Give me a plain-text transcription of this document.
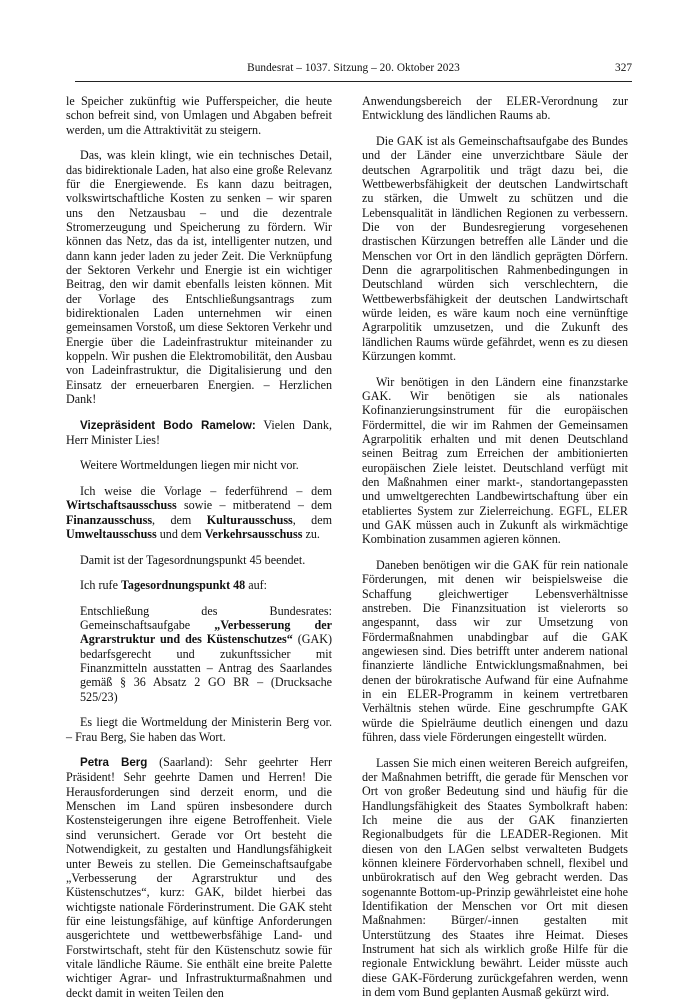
Bundesrat – 1037. Sitzung – 20. Oktober 2023	327

le Speicher zukünftig wie Pufferspeicher, die heute schon befreit sind, von Umlagen und Abgaben befreit werden, um die Attraktivität zu steigern.

Das, was klein klingt, wie ein technisches Detail, das bidirektionale Laden, hat also eine große Relevanz für die Energiewende. Es kann dazu beitragen, volkswirtschaftliche Kosten zu senken – wir sparen uns den Netzausbau – und die dezentrale Stromerzeugung und Speicherung zu fördern. Wir können das Netz, das da ist, intelligenter nutzen, und dann kann jeder laden zu jeder Zeit. Die Verknüpfung der Sektoren Verkehr und Energie ist ein wichtiger Beitrag, den wir damit ebenfalls leisten können. Mit der Vorlage des Entschließungsantrags zum bidirektionalen Laden unternehmen wir einen gemeinsamen Vorstoß, um diese Sektoren Verkehr und Energie über die Ladeinfrastruktur miteinander zu koppeln. Wir pushen die Elektromobilität, den Ausbau von Ladeinfrastruktur, die Digitalisierung und den Einsatz der erneuerbaren Energien. – Herzlichen Dank!

Vizepräsident Bodo Ramelow: Vielen Dank, Herr Minister Lies!

Weitere Wortmeldungen liegen mir nicht vor.

Ich weise die Vorlage – federführend – dem Wirtschaftsausschuss sowie – mitberatend – dem Finanzausschuss, dem Kulturausschuss, dem Umweltausschuss und dem Verkehrsausschuss zu.

Damit ist der Tagesordnungspunkt 45 beendet.

Ich rufe Tagesordnungspunkt 48 auf:

Entschließung des Bundesrates: Gemeinschaftsaufgabe „Verbesserung der Agrarstruktur und des Küstenschutzes“ (GAK) bedarfsgerecht und zukunftssicher mit Finanzmitteln ausstatten – Antrag des Saarlandes gemäß § 36 Absatz 2 GO BR – (Drucksache 525/23)

Es liegt die Wortmeldung der Ministerin Berg vor. – Frau Berg, Sie haben das Wort.

Petra Berg (Saarland): Sehr geehrter Herr Präsident! Sehr geehrte Damen und Herren! Die Herausforderungen sind derzeit enorm, und die Menschen im Land spüren insbesondere durch Kostensteigerungen ihre eigene Betroffenheit. Viele sind verunsichert. Gerade vor Ort besteht die Notwendigkeit, zu gestalten und Handlungsfähigkeit unter Beweis zu stellen. Die Gemeinschaftsaufgabe „Verbesserung der Agrarstruktur und des Küstenschutzes“, kurz: GAK, bildet hierbei das wichtigste nationale Förderinstrument. Die GAK steht für eine leistungsfähige, auf künftige Anforderungen ausgerichtete und wettbewerbsfähige Land- und Forstwirtschaft, steht für den Küstenschutz sowie für vitale ländliche Räume. Sie enthält eine breite Palette wichtiger Agrar- und Infrastrukturmaßnahmen und deckt damit in weiten Teilen den

Anwendungsbereich der ELER-Verordnung zur Entwicklung des ländlichen Raums ab.

Die GAK ist als Gemeinschaftsaufgabe des Bundes und der Länder eine unverzichtbare Säule der deutschen Agrarpolitik und trägt dazu bei, die Wettbewerbsfähigkeit der deutschen Landwirtschaft zu stärken, die Umwelt zu schützen und die Lebensqualität in ländlichen Regionen zu verbessern. Die von der Bundesregierung vorgesehenen drastischen Kürzungen betreffen alle Länder und die Menschen vor Ort in den ländlich geprägten Dörfern. Denn die agrarpolitischen Rahmenbedingungen in Deutschland würden sich verschlechtern, die Wettbewerbsfähigkeit der deutschen Landwirtschaft würde leiden, es wäre kaum noch eine vernünftige Agrarpolitik umzusetzen, und die Zukunft des ländlichen Raums würde gefährdet, wenn es zu diesen Kürzungen kommt.

Wir benötigen in den Ländern eine finanzstarke GAK. Wir benötigen sie als nationales Kofinanzierungsinstrument für die europäischen Fördermittel, die wir im Rahmen der Gemeinsamen Agrarpolitik erhalten und mit denen Deutschland seinen Beitrag zum Erreichen der ambitionierten europäischen Ziele leistet. Deutschland verfügt mit den Maßnahmen einer markt-, standortangepassten und umweltgerechten Landbewirtschaftung über ein etabliertes System zur Zielerreichung. EGFL, ELER und GAK müssen auch in Zukunft als wirkmächtige Kombination zusammen agieren können.

Daneben benötigen wir die GAK für rein nationale Förderungen, mit denen wir beispielsweise die Schaffung gleichwertiger Lebensverhältnisse anstreben. Die Finanzsituation ist vielerorts so angespannt, dass wir zur Umsetzung von Fördermaßnahmen unabdingbar auf die GAK angewiesen sind. Dies betrifft unter anderem national finanzierte ländliche Entwicklungsmaßnahmen, bei denen der bürokratische Aufwand für eine Aufnahme in ein ELER-Programm in keinem vertretbaren Verhältnis stehen würde. Eine geschrumpfte GAK würde die Spielräume deutlich einengen und dazu führen, dass viele Förderungen eingestellt würden.

Lassen Sie mich einen weiteren Bereich aufgreifen, der Maßnahmen betrifft, die gerade für Menschen vor Ort von großer Bedeutung sind und häufig für die Handlungsfähigkeit des Staates Symbolkraft haben: Ich meine die aus der GAK finanzierten Regionalbudgets für die LEADER-Regionen. Mit diesen von den LAGen selbst verwalteten Budgets können kleinere Fördervorhaben schnell, flexibel und unbürokratisch auf den Weg gebracht werden. Das sogenannte Bottom-up-Prinzip gewährleistet eine hohe Identifikation der Menschen vor Ort mit diesen Maßnahmen: Bürger/-innen gestalten mit Unterstützung des Staates ihre Heimat. Dieses Instrument hat sich als wirklich große Hilfe für die regionale Entwicklung bewährt. Leider müsste auch diese GAK-Förderung zurückgefahren werden, wenn in dem vom Bund geplanten Ausmaß gekürzt wird.
